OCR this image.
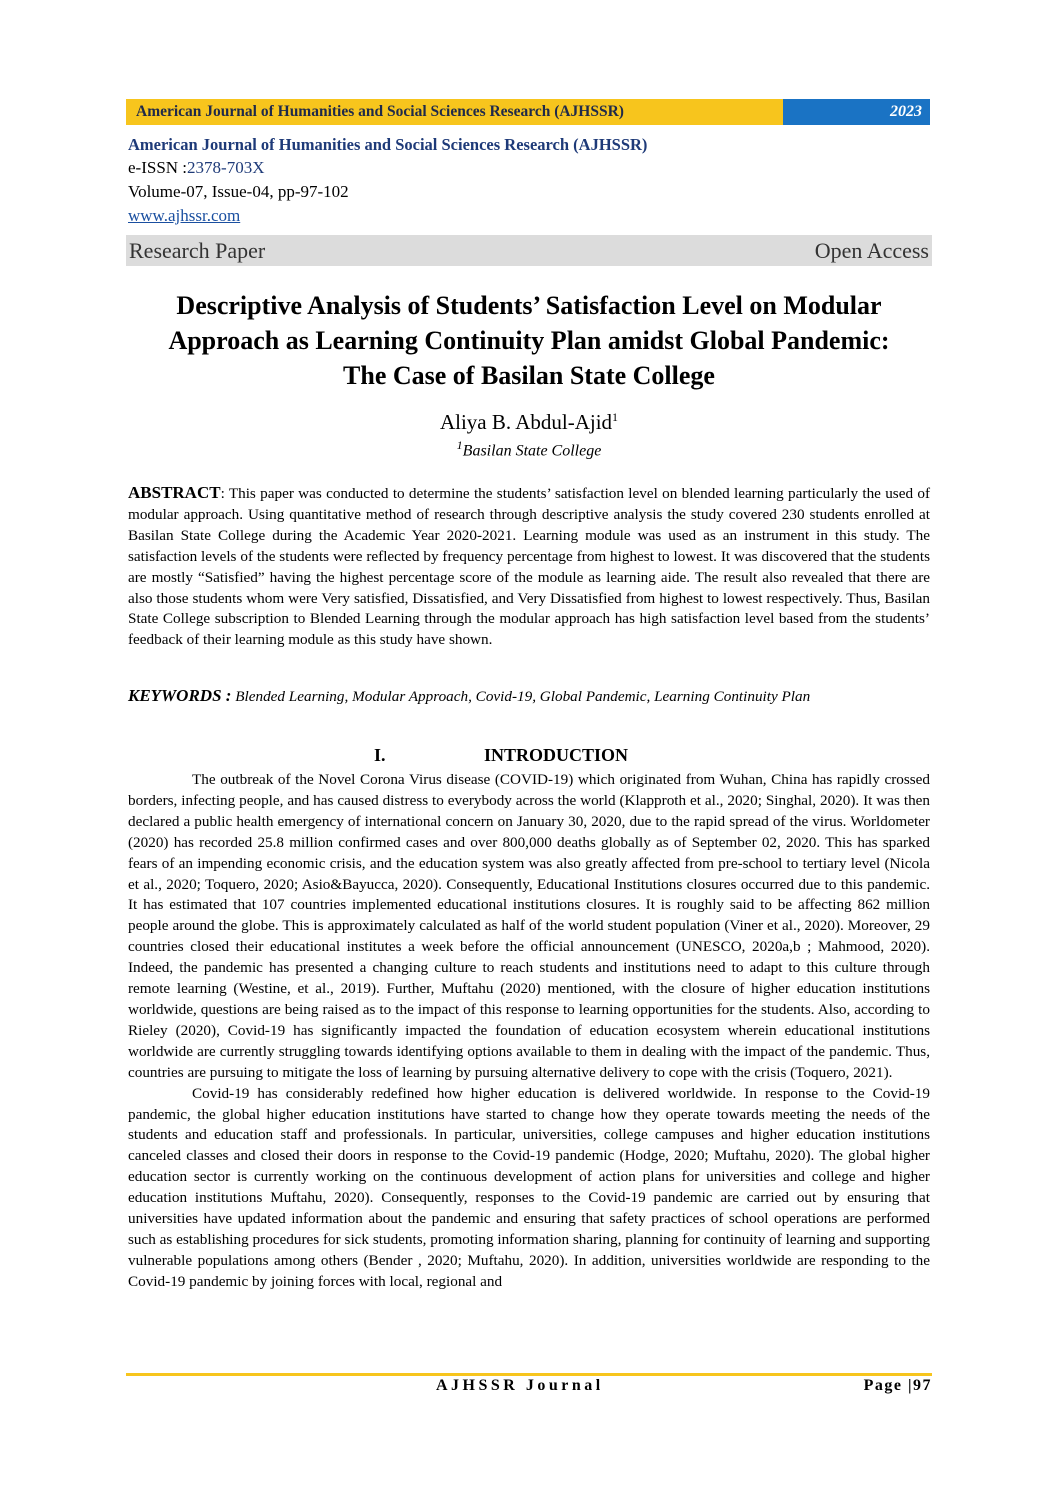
American Journal of Humanities and Social Sciences Research (AJHSSR)	2023
American Journal of Humanities and Social Sciences Research (AJHSSR)
e-ISSN :2378-703X
Volume-07, Issue-04, pp-97-102
www.ajhssr.com
Research Paper	Open Access
Descriptive Analysis of Students’ Satisfaction Level on Modular
Approach as Learning Continuity Plan amidst Global Pandemic:
The Case of Basilan State College
Aliya B. Abdul-Ajid$^1$
$^1$Basilan State College
ABSTRACT: This paper was conducted to determine the students’ satisfaction level on blended learning particularly the used of modular approach. Using quantitative method of research through descriptive analysis the study covered 230 students enrolled at Basilan State College during the Academic Year 2020-2021. Learning module was used as an instrument in this study. The satisfaction levels of the students were reflected by frequency percentage from highest to lowest. It was discovered that the students are mostly “Satisfied” having the highest percentage score of the module as learning aide. The result also revealed that there are also those students whom were Very satisfied, Dissatisfied, and Very Dissatisfied from highest to lowest respectively. Thus, Basilan State College subscription to Blended Learning through the modular approach has high satisfaction level based from the students’ feedback of their learning module as this study have shown.
KEYWORDS : Blended Learning, Modular Approach, Covid-19, Global Pandemic, Learning Continuity Plan
I.	INTRODUCTION

The outbreak of the Novel Corona Virus disease (COVID-19) which originated from Wuhan, China has rapidly crossed borders, infecting people, and has caused distress to everybody across the world (Klapproth et al., 2020; Singhal, 2020). It was then declared a public health emergency of international concern on January 30, 2020, due to the rapid spread of the virus. Worldometer (2020) has recorded 25.8 million confirmed cases and over 800,000 deaths globally as of September 02, 2020. This has sparked fears of an impending economic crisis, and the education system was also greatly affected from pre-school to tertiary level (Nicola et al., 2020; Toquero, 2020; Asio&Bayucca, 2020). Consequently, Educational Institutions closures occurred due to this pandemic. It has estimated that 107 countries implemented educational institutions closures. It is roughly said to be affecting 862 million people around the globe. This is approximately calculated as half of the world student population (Viner et al., 2020). Moreover, 29 countries closed their educational institutes a week before the official announcement (UNESCO, 2020a,b ; Mahmood, 2020). Indeed, the pandemic has presented a changing culture to reach students and institutions need to adapt to this culture through remote learning (Westine, et al., 2019). Further, Muftahu (2020) mentioned, with the closure of higher education institutions worldwide, questions are being raised as to the impact of this response to learning opportunities for the students. Also, according to Rieley (2020), Covid-19 has significantly impacted the foundation of education ecosystem wherein educational institutions worldwide are currently struggling towards identifying options available to them in dealing with the impact of the pandemic. Thus, countries are pursuing to mitigate the loss of learning by pursuing alternative delivery to cope with the crisis (Toquero, 2021).

Covid-19 has considerably redefined how higher education is delivered worldwide. In response to the Covid-19 pandemic, the global higher education institutions have started to change how they operate towards meeting the needs of the students and education staff and professionals. In particular, universities, college campuses and higher education institutions canceled classes and closed their doors in response to the Covid-19 pandemic (Hodge, 2020; Muftahu, 2020). The global higher education sector is currently working on the continuous development of action plans for universities and college and higher education institutions Muftahu, 2020). Consequently, responses to the Covid-19 pandemic are carried out by ensuring that universities have updated information about the pandemic and ensuring that safety practices of school operations are performed such as establishing procedures for sick students, promoting information sharing, planning for continuity of learning and supporting vulnerable populations among others (Bender , 2020; Muftahu, 2020). In addition, universities worldwide are responding to the Covid-19 pandemic by joining forces with local, regional and

AJHSSR Journal	Page |97
